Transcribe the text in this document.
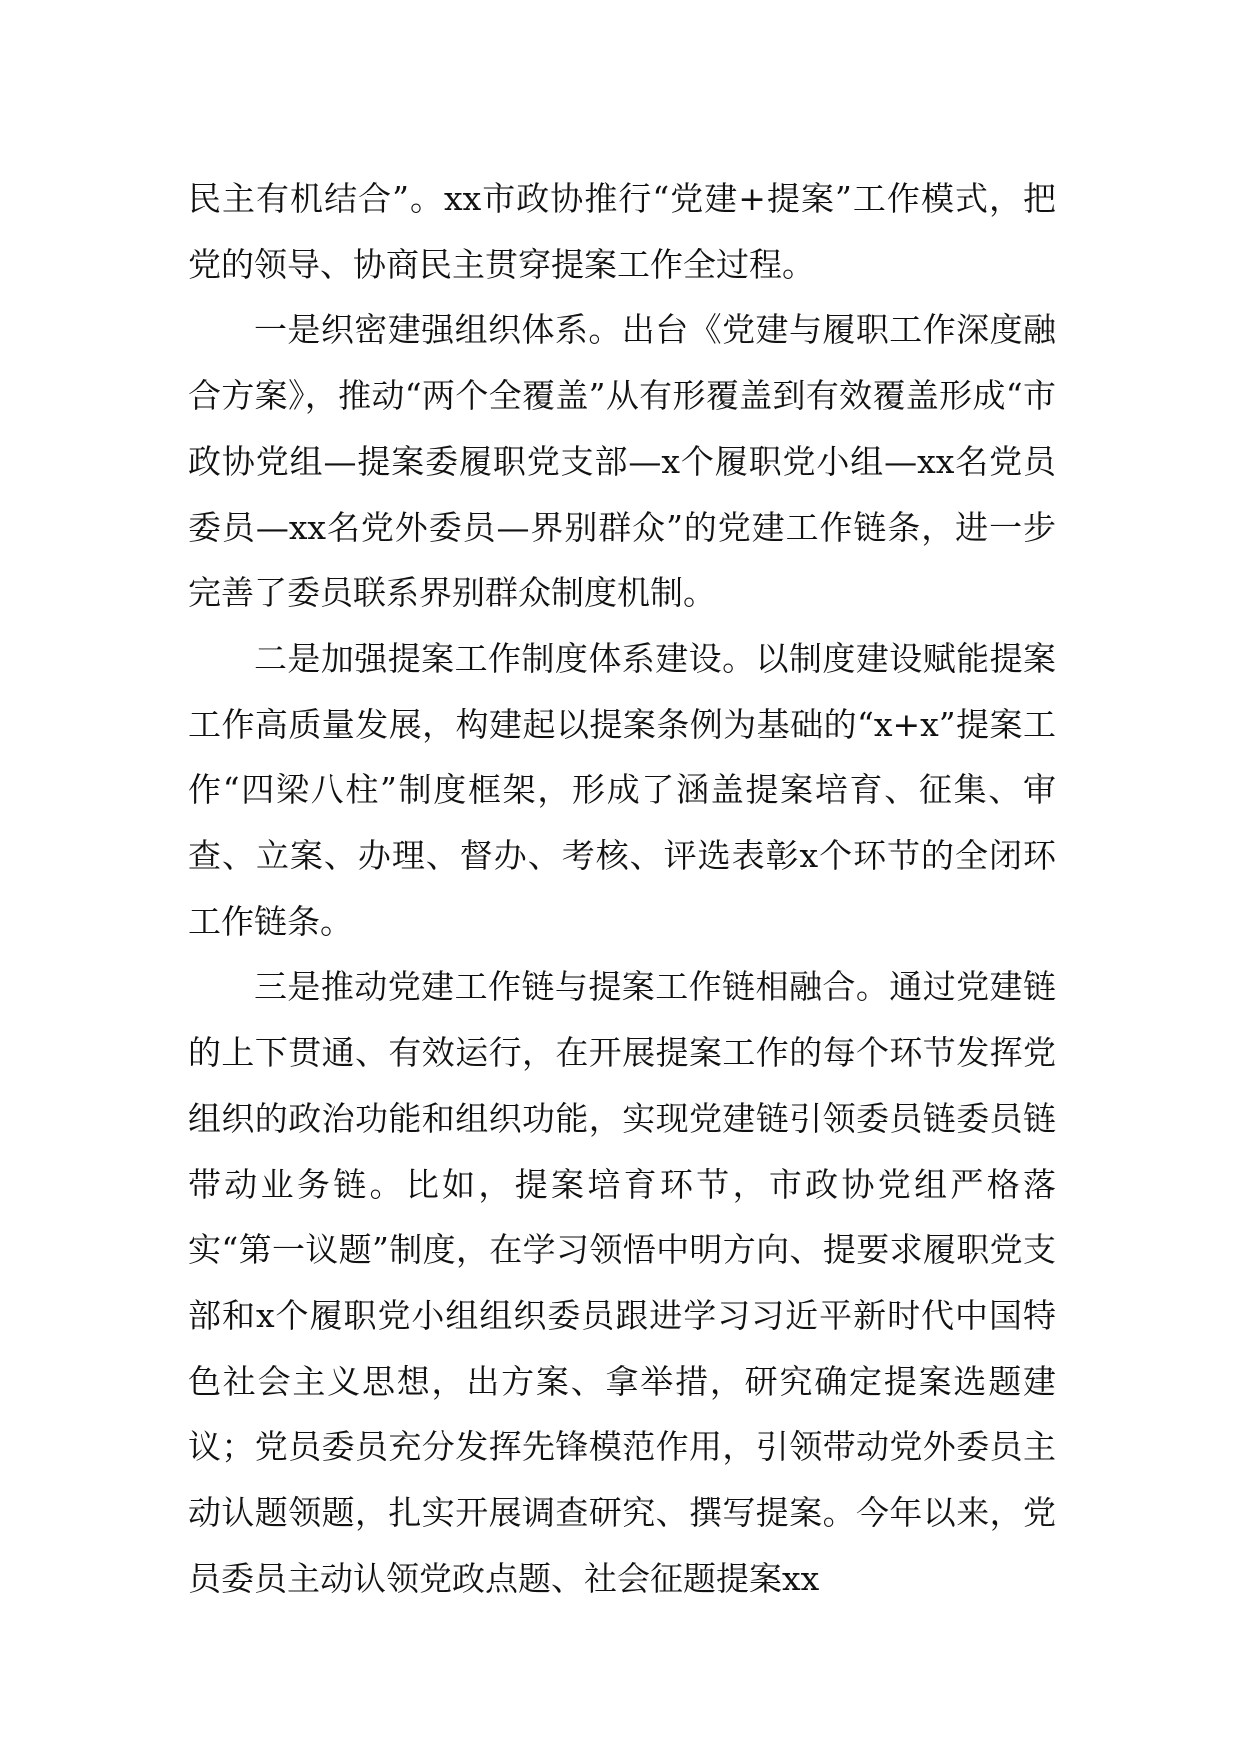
民主有机结合”。xx市政协推行“党建+提案”工作模式，把党的领导、协商民主贯穿提案工作全过程。

一是织密建强组织体系。出台《党建与履职工作深度融合方案》，推动“两个全覆盖”从有形覆盖到有效覆盖形成“市政协党组—提案委履职党支部—x个履职党小组—xx名党员委员—xx名党外委员—界别群众”的党建工作链条，进一步完善了委员联系界别群众制度机制。

二是加强提案工作制度体系建设。以制度建设赋能提案工作高质量发展，构建起以提案条例为基础的“x+x”提案工作“四梁八柱”制度框架，形成了涵盖提案培育、征集、审查、立案、办理、督办、考核、评选表彰x个环节的全闭环工作链条。

三是推动党建工作链与提案工作链相融合。通过党建链的上下贯通、有效运行，在开展提案工作的每个环节发挥党组织的政治功能和组织功能，实现党建链引领委员链委员链带动业务链。比如，提案培育环节，市政协党组严格落实“第一议题”制度，在学习领悟中明方向、提要求履职党支部和x个履职党小组组织委员跟进学习习近平新时代中国特色社会主义思想，出方案、拿举措，研究确定提案选题建议；党员委员充分发挥先锋模范作用，引领带动党外委员主动认题领题，扎实开展调查研究、撰写提案。今年以来，党员委员主动认领党政点题、社会征题提案xx
